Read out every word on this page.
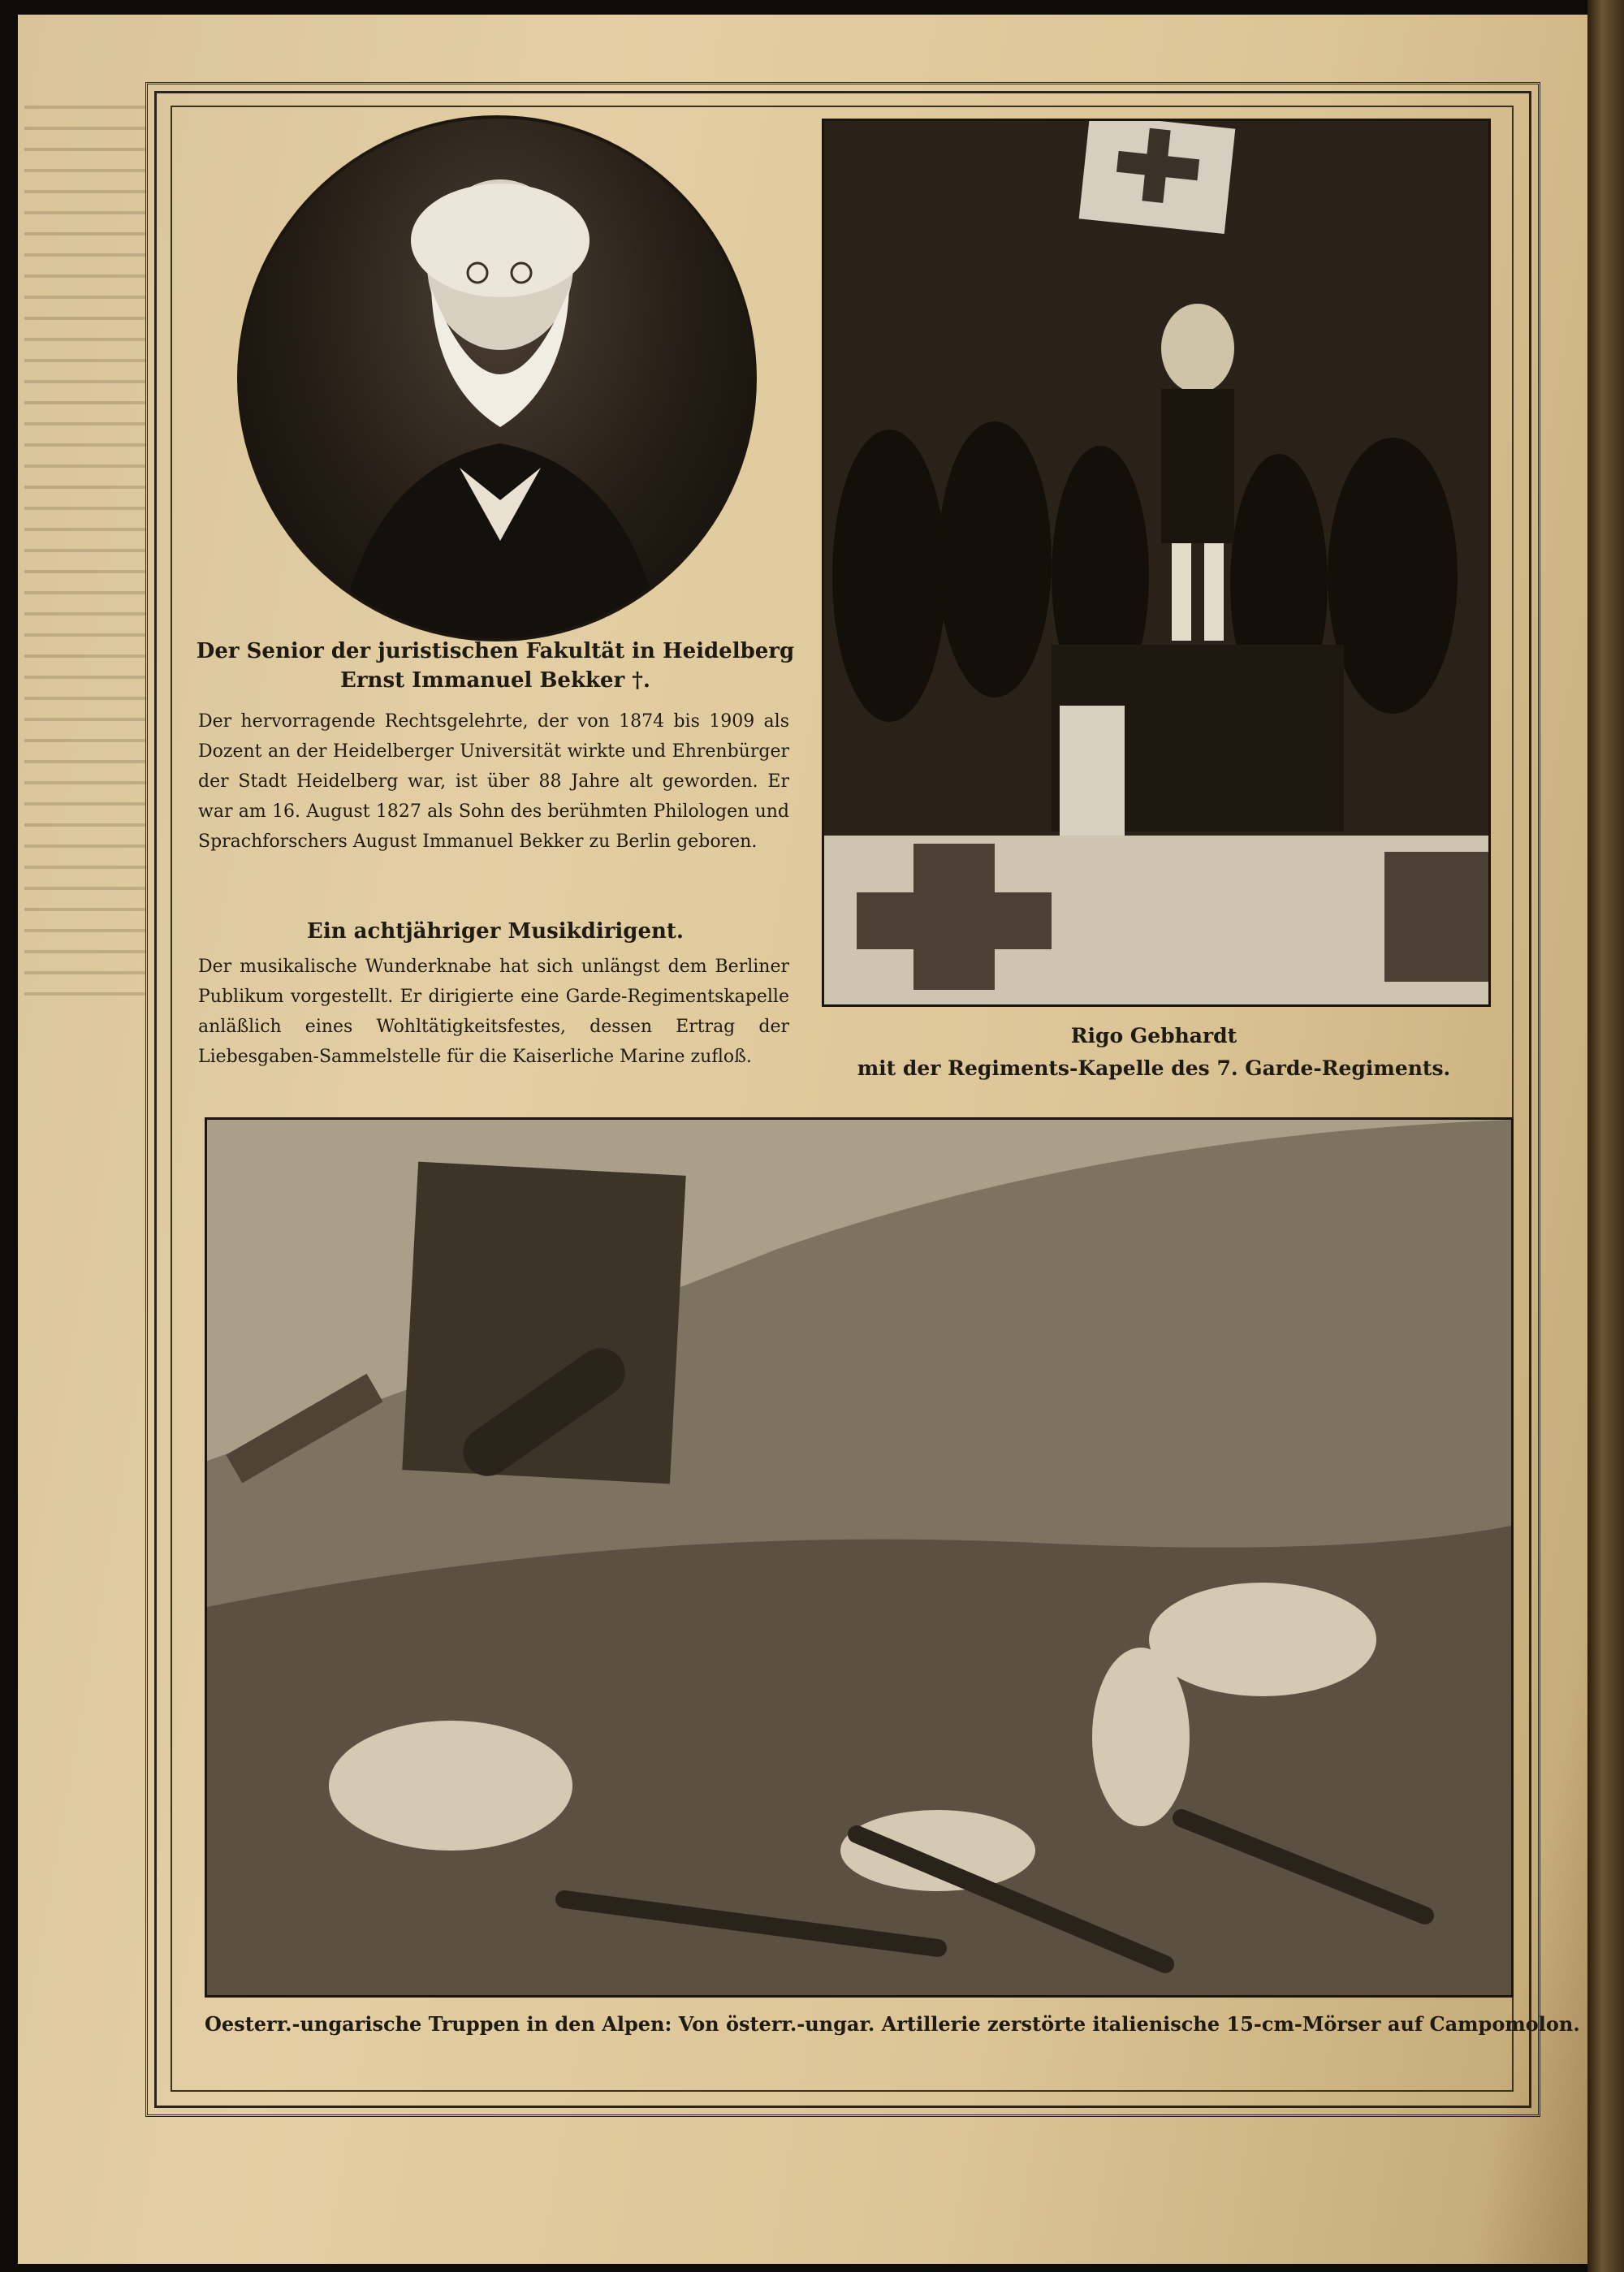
Der Senior der juristischen Fakultät in Heidelberg
Ernst Immanuel Bekker †.
Der hervorragende Rechtsgelehrte, der von 1874 bis 1909 als Dozent an der Heidelberger Universität wirkte und Ehrenbürger der Stadt Heidelberg war, ist über 88 Jahre alt geworden. Er war am 16. August 1827 als Sohn des berühmten Philologen und Sprachforschers August Immanuel Bekker zu Berlin geboren.
Ein achtjähriger Musikdirigent.
Der musikalische Wunderknabe hat sich unlängst dem Berliner Publikum vorgestellt. Er dirigierte eine Garde-Regimentskapelle anläßlich eines Wohltätigkeitsfestes, dessen Ertrag der Liebesgaben-Sammelstelle für die Kaiserliche Marine zufloß.
Rigo Gebhardt
mit der Regiments-Kapelle des 7. Garde-Regiments.
Oesterr.-ungarische Truppen in den Alpen: Von österr.-ungar. Artillerie zerstörte italienische 15-cm-Mörser auf Campomolon.
